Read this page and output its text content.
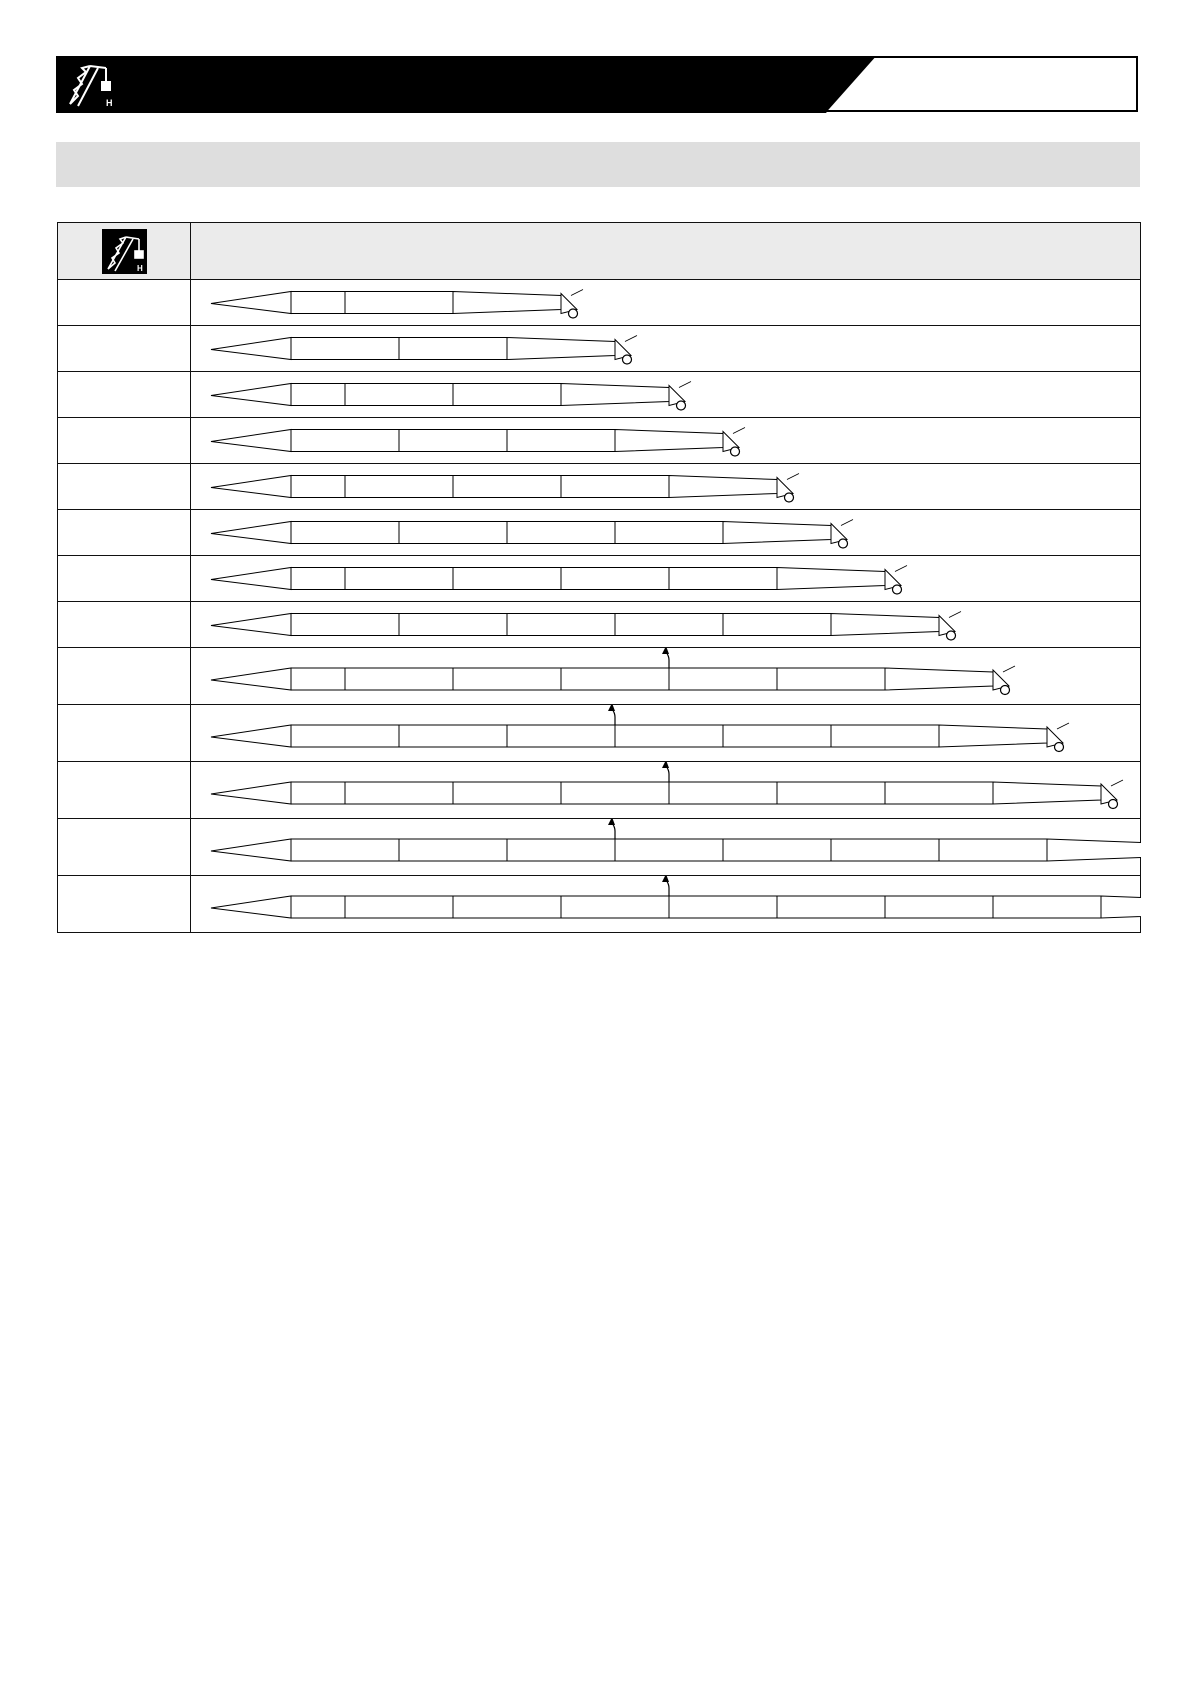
H
H	
